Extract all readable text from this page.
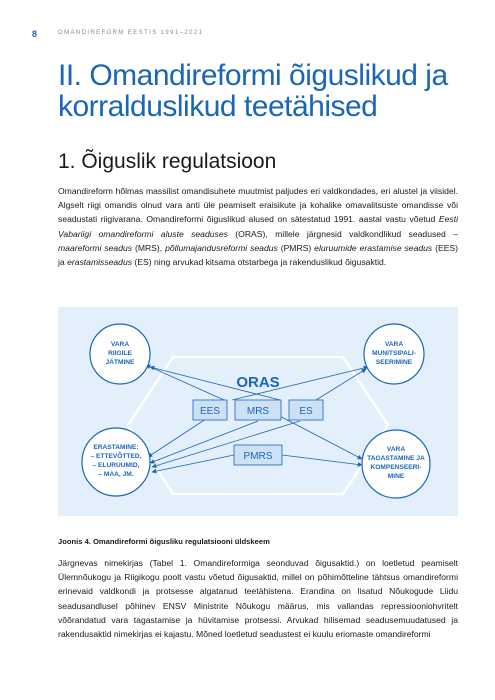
8	OMANDIREFORM EESTIS 1991–2021
II. Omandireformi õiguslikud ja korralduslikud teetähised
1. Õiguslik regulatsioon

Omandireform hõlmas massilist omandisuhete muutmist paljudes eri valdkondades, eri alustel ja viisidel. Algselt riigi omandis olnud vara anti üle peamiselt eraisikute ja kohalike omavalitsuste omandisse või seadustati riigivarana. Omandireformi õiguslikud alused on sätestatud 1991. aastal vastu võetud Eesti Vabariigi omandireformi aluste seaduses (ORAS), millele järgnesid valdkondlikud seadused – maareformi seadus (MRS), põllumajandusreformi seadus (PMRS) eluruumide erastamise seadus (EES) ja erastamisseadus (ES) ning arvukad kitsama otstarbega ja rakenduslikud õigusaktid.

ORAS
EES	MRS	ES
PMRS
VARA
RIIGILE
JÄTMINE
VARA
MUNITSIPALI-
SEERIMINE
ERASTAMINE:
– ETTEVÕTTED,
– ELURUUMID,
– MAA, JM.
VARA
TAGASTAMINE JA
KOMPENSEERI-
MINE

Joonis 4. Omandireformi õigusliku regulatsiooni üldskeem

Järgnevas nimekirjas (Tabel 1. Omandireformiga seonduvad õigusaktid.) on loetletud peamiselt Ülemnõukogu ja Riigikogu poolt vastu võetud õigusaktid, millel on põhimõtteline tähtsus omandireformi erinevaid valdkondi ja protsesse algatanud teetähistena. Erandina on lisatud Nõukogude Liidu seadusandlusel põhinev ENSV Ministrite Nõukogu määrus, mis vallandas repressiooniohvritelt võõrandatud vara tagastamise ja hüvitamise protsessi. Arvukad hilisemad seadusemuudatused ja rakendusaktid nimekirjas ei kajastu. Mõned loetletud seadustest ei kuulu eriomaste omandireformi
